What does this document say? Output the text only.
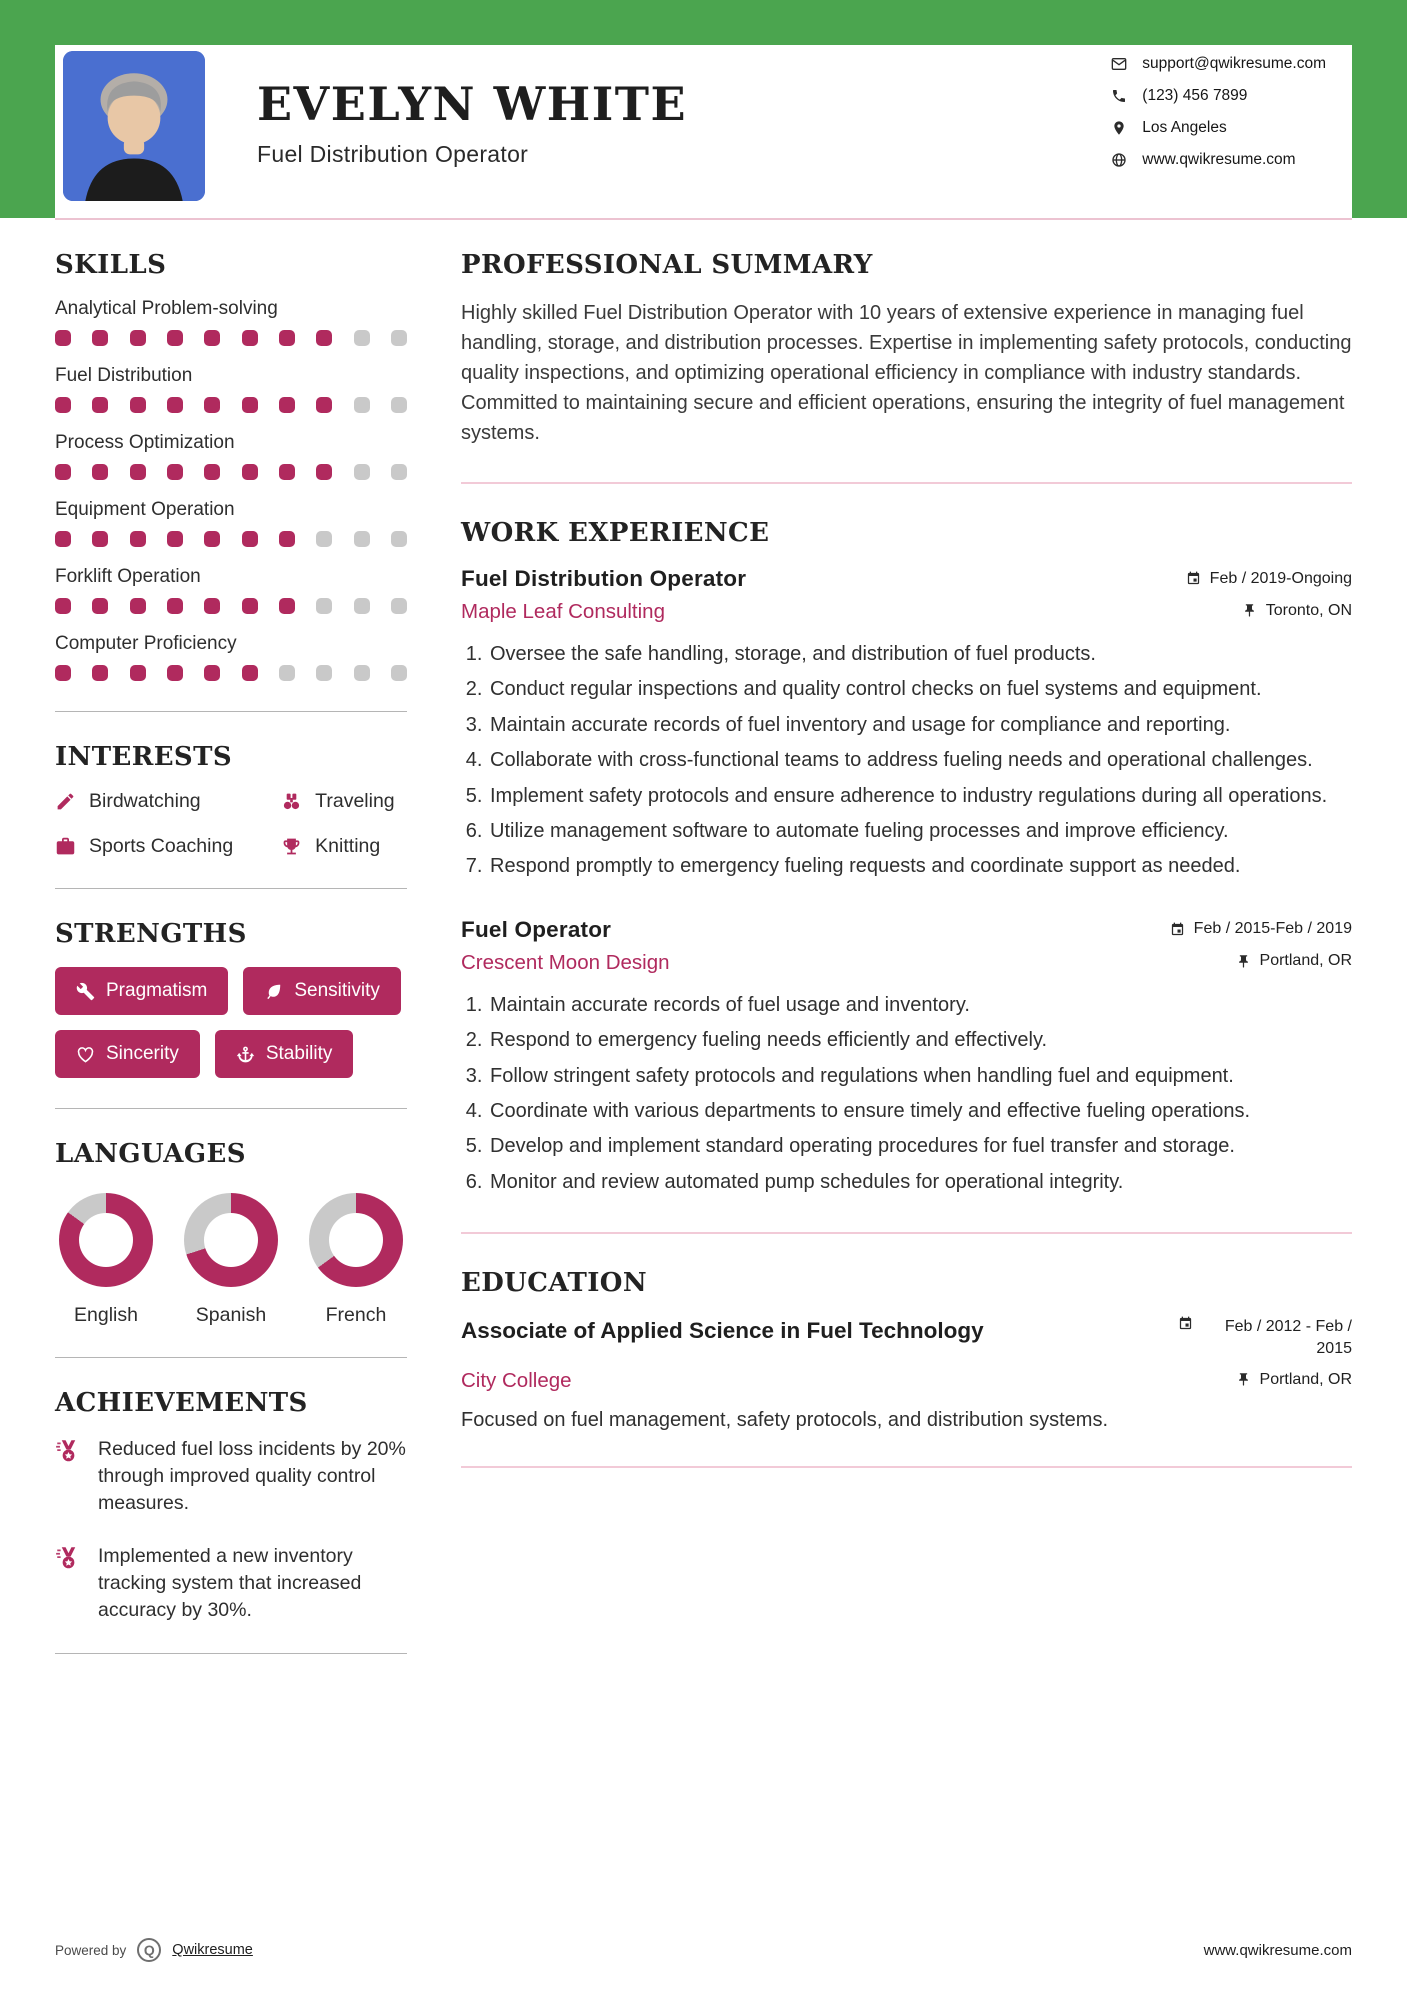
EVELYN WHITE
Fuel Distribution Operator
support@qwikresume.com
(123) 456 7899
Los Angeles
www.qwikresume.com
SKILLS
Analytical Problem-solving
Fuel Distribution
Process Optimization
Equipment Operation
Forklift Operation
Computer Proficiency
INTERESTS
Birdwatching	Traveling
Sports Coaching	Knitting
STRENGTHS
Pragmatism	Sensitivity
Sincerity	Stability
LANGUAGES
English	Spanish	French
ACHIEVEMENTS
Reduced fuel loss incidents by 20% through improved quality control measures.
Implemented a new inventory tracking system that increased accuracy by 30%.
PROFESSIONAL SUMMARY

Highly skilled Fuel Distribution Operator with 10 years of extensive experience in managing fuel handling, storage, and distribution processes. Expertise in implementing safety protocols, conducting quality inspections, and optimizing operational efficiency in compliance with industry standards. Committed to maintaining secure and efficient operations, ensuring the integrity of fuel management systems.

WORK EXPERIENCE
Fuel Distribution Operator	Feb / 2019-Ongoing
Maple Leaf Consulting	Toronto, ON
1. Oversee the safe handling, storage, and distribution of fuel products.
2. Conduct regular inspections and quality control checks on fuel systems and equipment.
3. Maintain accurate records of fuel inventory and usage for compliance and reporting.
4. Collaborate with cross-functional teams to address fueling needs and operational challenges.
5. Implement safety protocols and ensure adherence to industry regulations during all operations.
6. Utilize management software to automate fueling processes and improve efficiency.
7. Respond promptly to emergency fueling requests and coordinate support as needed.
Fuel Operator	Feb / 2015-Feb / 2019
Crescent Moon Design	Portland, OR
1. Maintain accurate records of fuel usage and inventory.
2. Respond to emergency fueling needs efficiently and effectively.
3. Follow stringent safety protocols and regulations when handling fuel and equipment.
4. Coordinate with various departments to ensure timely and effective fueling operations.
5. Develop and implement standard operating procedures for fuel transfer and storage.
6. Monitor and review automated pump schedules for operational integrity.
EDUCATION
Associate of Applied Science in Fuel Technology	Feb / 2012 - Feb / 2015
City College	Portland, OR

Focused on fuel management, safety protocols, and distribution systems.

Powered by	Q	Qwikresume	www.qwikresume.com
